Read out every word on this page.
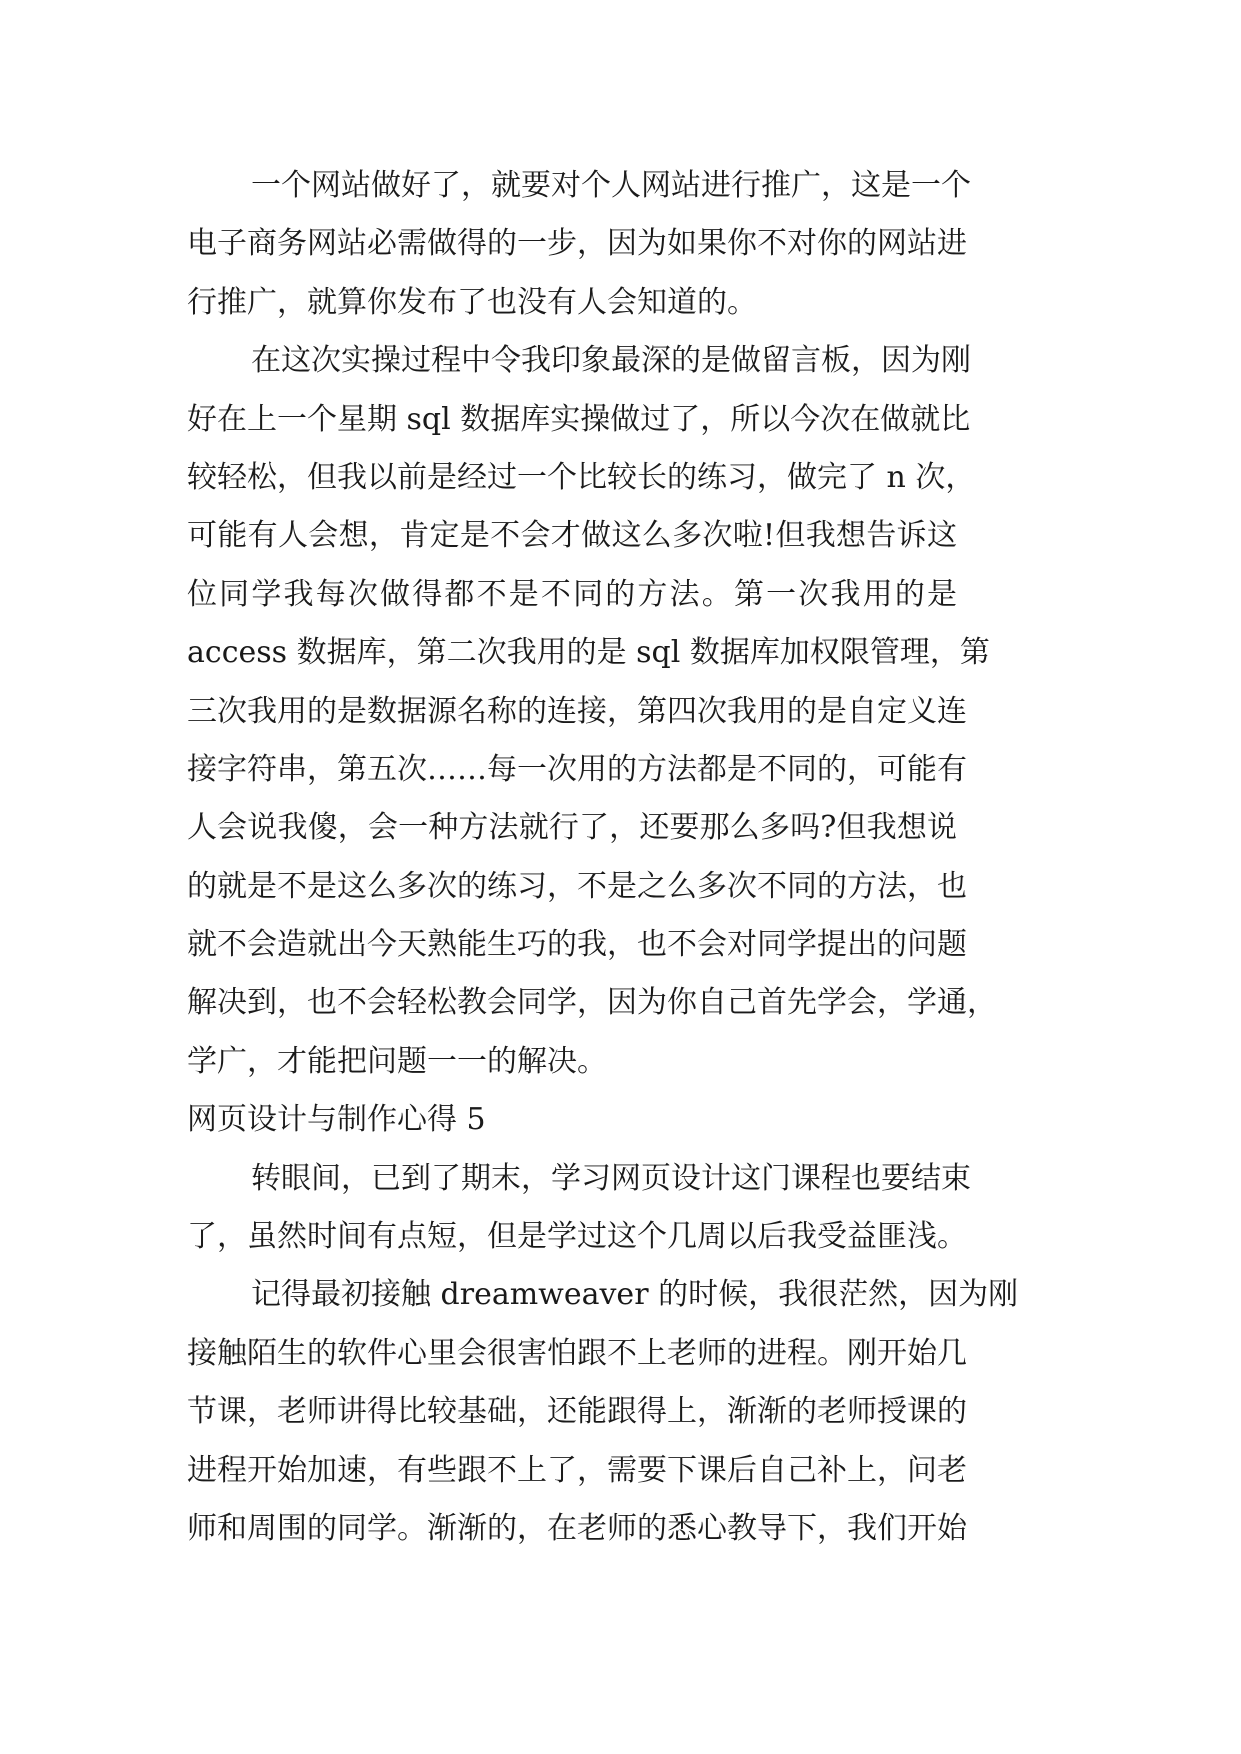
一个网站做好了，就要对个人网站进行推广，这是一个
电子商务网站必需做得的一步，因为如果你不对你的网站进
行推广，就算你发布了也没有人会知道的。
在这次实操过程中令我印象最深的是做留言板，因为刚
好在上一个星期 sql 数据库实操做过了，所以今次在做就比
较轻松，但我以前是经过一个比较长的练习，做完了 n 次，
可能有人会想，肯定是不会才做这么多次啦!但我想告诉这
位同学我每次做得都不是不同的方法。第一次我用的是
access 数据库，第二次我用的是 sql 数据库加权限管理，第
三次我用的是数据源名称的连接，第四次我用的是自定义连
接字符串，第五次……每一次用的方法都是不同的，可能有
人会说我傻，会一种方法就行了，还要那么多吗?但我想说
的就是不是这么多次的练习，不是之么多次不同的方法，也
就不会造就出今天熟能生巧的我，也不会对同学提出的问题
解决到，也不会轻松教会同学，因为你自己首先学会，学通，
学广，才能把问题一一的解决。
网页设计与制作心得 5
转眼间，已到了期末，学习网页设计这门课程也要结束
了，虽然时间有点短，但是学过这个几周以后我受益匪浅。
记得最初接触 dreamweaver 的时候，我很茫然，因为刚
接触陌生的软件心里会很害怕跟不上老师的进程。刚开始几
节课，老师讲得比较基础，还能跟得上，渐渐的老师授课的
进程开始加速，有些跟不上了，需要下课后自己补上，问老
师和周围的同学。渐渐的，在老师的悉心教导下，我们开始
